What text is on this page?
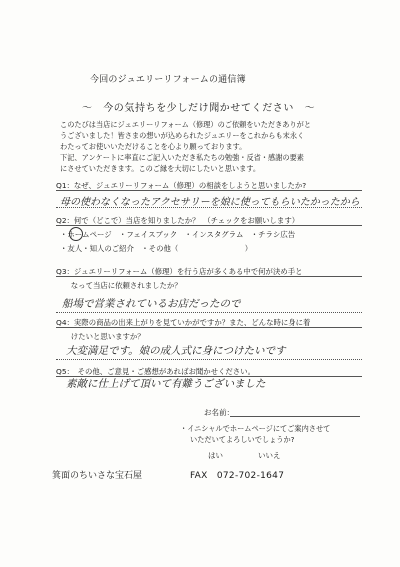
今回のジュエリーリフォームの通信簿
～　今の気持ちを少しだけ聞かせてください　～
このたびは当店にジュエリーリフォーム（修理）のご依頼をいただきありがと
うございました！皆さまの想いが込められたジュエリーをこれからも末永く
わたってお使いいただけることを心より願っております。
下記、アンケートに率直にご記入いただき私たちの勉強・反省・感謝の要素
にさせていただきます。このご縁を大切にしたいと思います。
Q1：なぜ、ジュエリーリフォーム（修理）の相談をしようと思いましたか?
母の使わなくなったアクセサリーを娘に使ってもらいたかったから
Q2：何で（どこで）当店を知りましたか？　（チェックをお願いします）
・ホームページ　・フェイスブック　・インスタグラム　・チラシ広告
・友人・知人のご紹介　・その他（　　　　　　　　　）
Q3：ジュエリーリフォーム（修理）を行う店が多くある中で何が決め手と
　　なって当店に依頼されましたか？
船場で営業されているお店だったので
Q4：実際の商品の出来上がりを見ていかがですか？また、どんな時に身に着
　　けたいと思いますか？
大変満足です。娘の成人式に身につけたいです
Q5：　その他、ご意見・ご感想があればお聞かせください。
素敵に仕上げて頂いて有難うございました
お名前：
・イニシャルでホームページにてご案内させて
いただいてよろしいでしょうか?
はい	いいえ
箕面のちいさな宝石屋	FAX　072-702-1647
